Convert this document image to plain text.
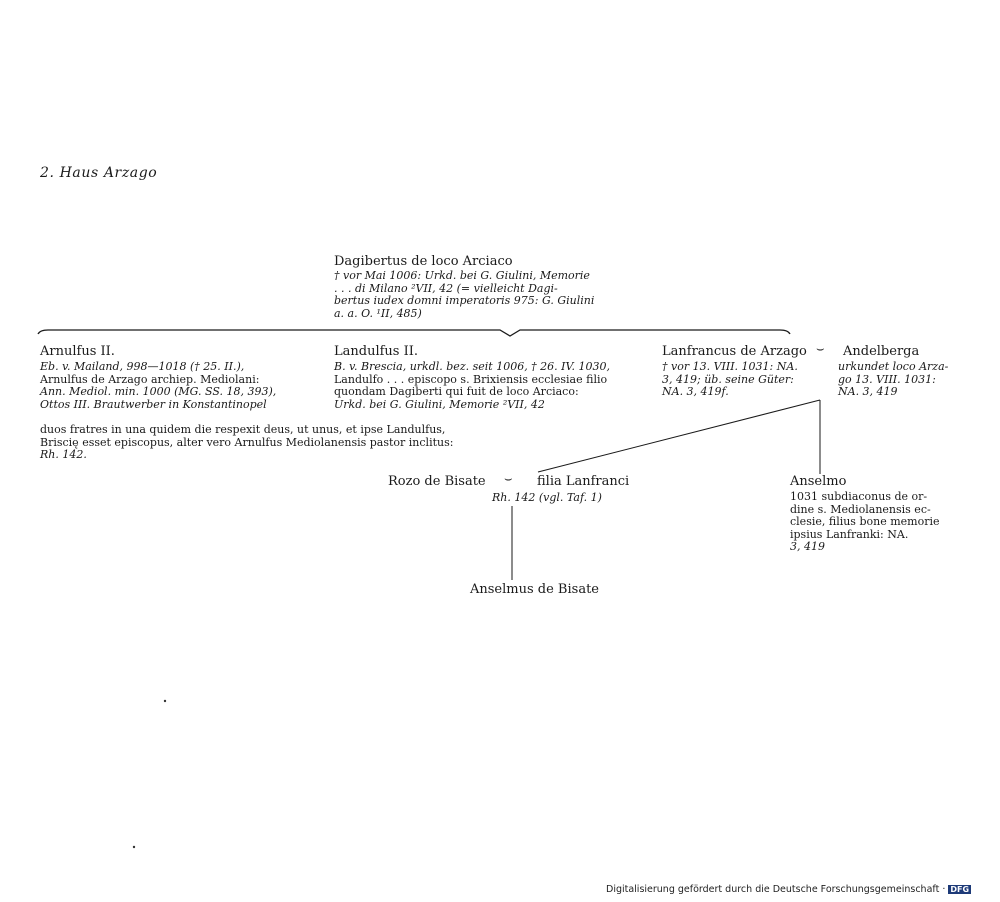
2. Haus Arzago
Dagibertus de loco Arciaco
† vor Mai 1006: Urkd. bei G. Giulini, Memorie
. . . di Milano ²VII, 42 (= vielleicht Dagi-
bertus iudex domni imperatoris 975: G. Giulini
a. a. O. ¹II, 485)
Arnulfus II.
Eb. v. Mailand, 998—1018 († 25. II.),
Arnulfus de Arzago archiep. Mediolani:
Ann. Mediol. min. 1000 (MG. SS. 18, 393),
Ottos III. Brautwerber in Konstantinopel
Landulfus II.
B. v. Brescia, urkdl. bez. seit 1006, † 26. IV. 1030,
Landulfo . . . episcopo s. Brixiensis ecclesiae filio
quondam Dagiberti qui fuit de loco Arciaco:
Urkd. bei G. Giulini, Memorie ²VII, 42
Lanfrancus de Arzago ⌣
† vor 13. VIII. 1031: NA.
3, 419; üb. seine Güter:
NA. 3, 419f.
Andelberga
urkundet loco Arza-
go 13. VIII. 1031:
NA. 3, 419
duos fratres in una quidem die respexit deus, ut unus, et ipse Landulfus,
Briscię esset episcopus, alter vero Arnulfus Mediolanensis pastor inclitus:
Rh. 142.
Rozo de Bisate ⌣ filia Lanfranci
Rh. 142 (vgl. Taf. 1)
Anselmo
1031 subdiaconus de or-
dine s. Mediolanensis ec-
clesie, filius bone memorie
ipsius Lanfranki: NA.
3, 419
Anselmus de Bisate
Digitalisierung gefördert durch die Deutsche Forschungsgemeinschaft · DFG
